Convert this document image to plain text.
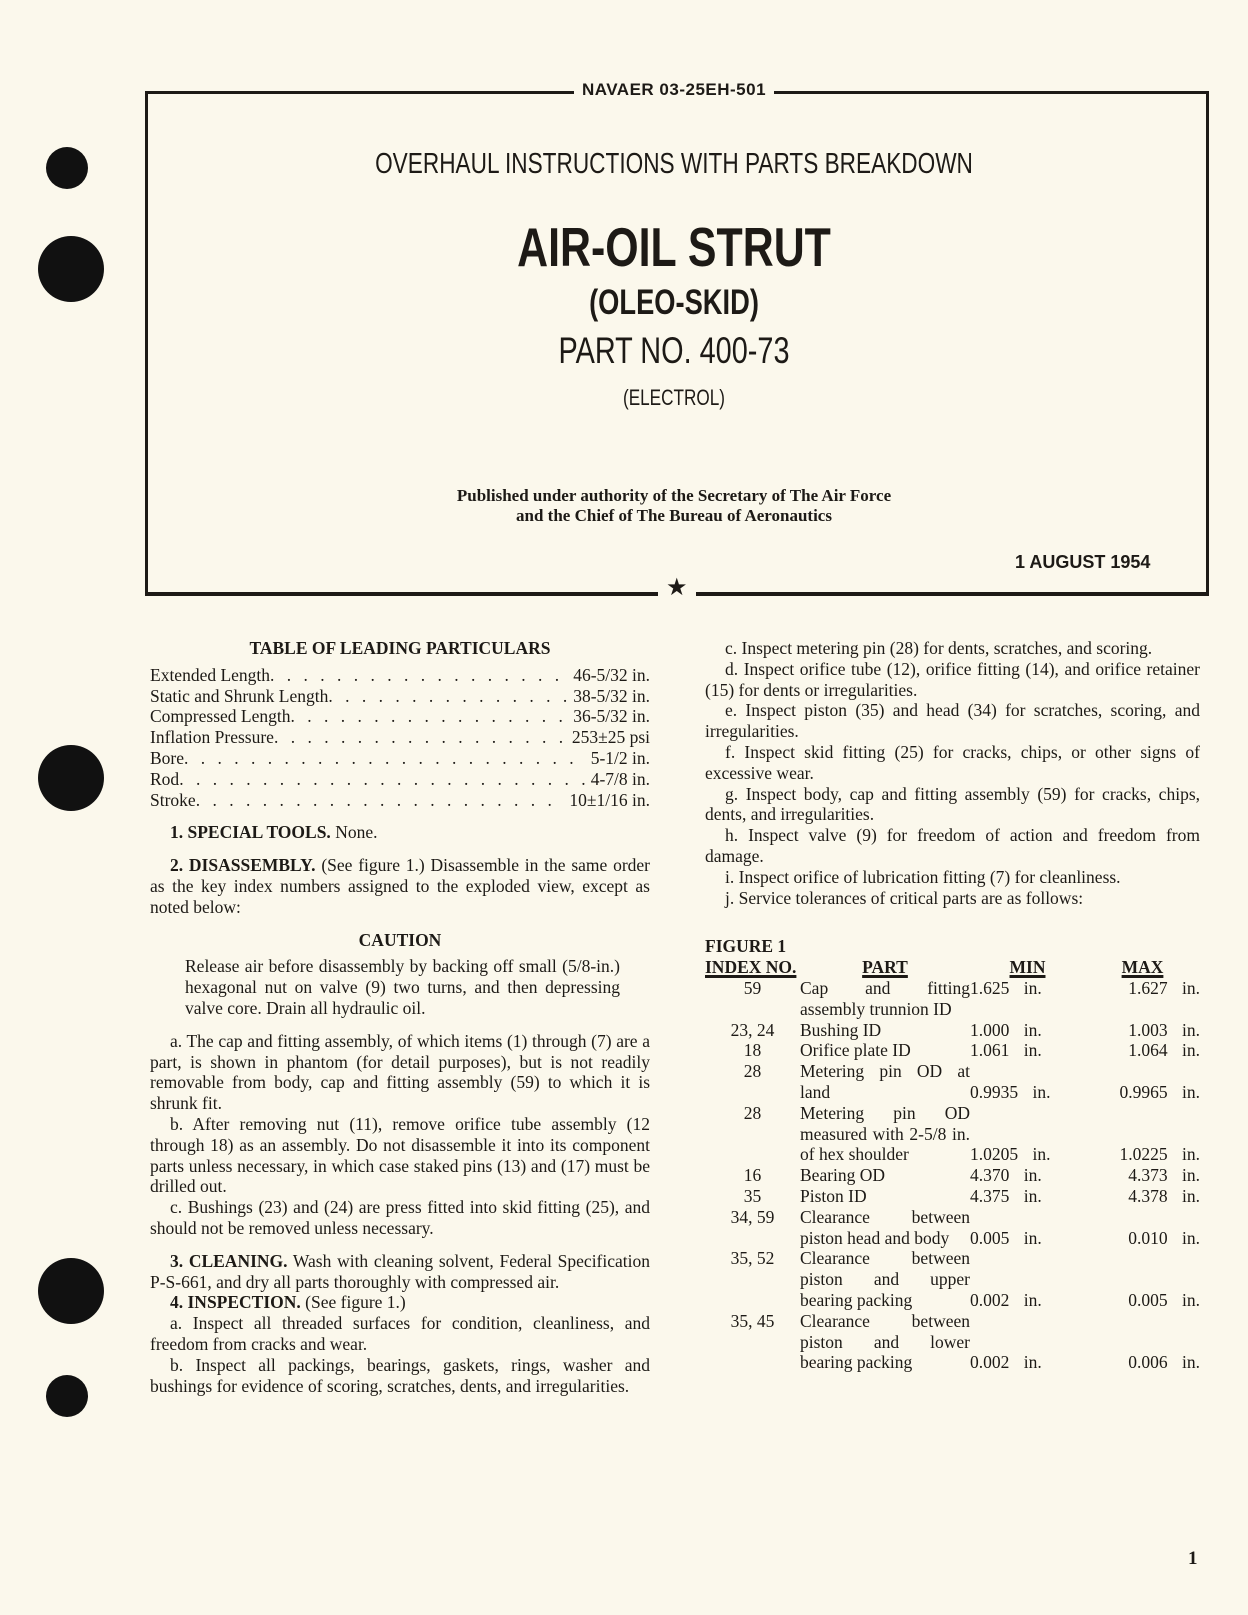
NAVAER 03-25EH-501
OVERHAUL INSTRUCTIONS WITH PARTS BREAKDOWN
AIR-OIL STRUT
(OLEO-SKID)
PART NO. 400-73
(ELECTROL)
Published under authority of the Secretary of The Air Force
and the Chief of The Bureau of Aeronautics
1 AUGUST 1954
★
TABLE OF LEADING PARTICULARS
Extended Length . . .	46-5/32 in.
Static and Shrunk Length . . .	38-5/32 in.
Compressed Length . . .	36-5/32 in.
Inflation Pressure . . .	253±25 psi
Bore . . .	5-1/2 in.
Rod . . .	4-7/8 in.
Stroke . . .	10±1/16 in.

1. SPECIAL TOOLS. None.

2. DISASSEMBLY. (See figure 1.) Disassemble in the same order as the key index numbers assigned to the exploded view, except as noted below:

CAUTION

Release air before disassembly by backing off small (5/8-in.) hexagonal nut on valve (9) two turns, and then depressing valve core. Drain all hydraulic oil.

a. The cap and fitting assembly, of which items (1) through (7) are a part, is shown in phantom (for detail purposes), but is not readily removable from body, cap and fitting assembly (59) to which it is shrunk fit.

b. After removing nut (11), remove orifice tube assembly (12 through 18) as an assembly. Do not disassemble it into its component parts unless necessary, in which case staked pins (13) and (17) must be drilled out.

c. Bushings (23) and (24) are press fitted into skid fitting (25), and should not be removed unless necessary.

3. CLEANING. Wash with cleaning solvent, Federal Specification P-S-661, and dry all parts thoroughly with compressed air.

4. INSPECTION. (See figure 1.)

a. Inspect all threaded surfaces for condition, cleanliness, and freedom from cracks and wear.

b. Inspect all packings, bearings, gaskets, rings, washer and bushings for evidence of scoring, scratches, dents, and irregularities.

c. Inspect metering pin (28) for dents, scratches, and scoring.

d. Inspect orifice tube (12), orifice fitting (14), and orifice retainer (15) for dents or irregularities.

e. Inspect piston (35) and head (34) for scratches, scoring, and irregularities.

f. Inspect skid fitting (25) for cracks, chips, or other signs of excessive wear.

g. Inspect body, cap and fitting assembly (59) for cracks, chips, dents, and irregularities.

h. Inspect valve (9) for freedom of action and freedom from damage.

i. Inspect orifice of lubrication fitting (7) for cleanliness.

j. Service tolerances of critical parts are as follows:

FIGURE 1
INDEX NO.	PART	MIN	MAX
59	Cap and fitting assembly trunnion ID	1.625 in.	1.627 in.
23, 24	Bushing ID	1.000 in.	1.003 in.
18	Orifice plate ID	1.061 in.	1.064 in.
28	Metering pin OD at land	0.9935 in.	0.9965 in.
28	Metering pin OD measured with 2-5/8 in. of hex shoulder	1.0205 in.	1.0225 in.
16	Bearing OD	4.370 in.	4.373 in.
35	Piston ID	4.375 in.	4.378 in.
34, 59	Clearance between piston head and body	0.005 in.	0.010 in.
35, 52	Clearance between piston and upper bearing packing	0.002 in.	0.005 in.
35, 45	Clearance between piston and lower bearing packing	0.002 in.	0.006 in.
1
